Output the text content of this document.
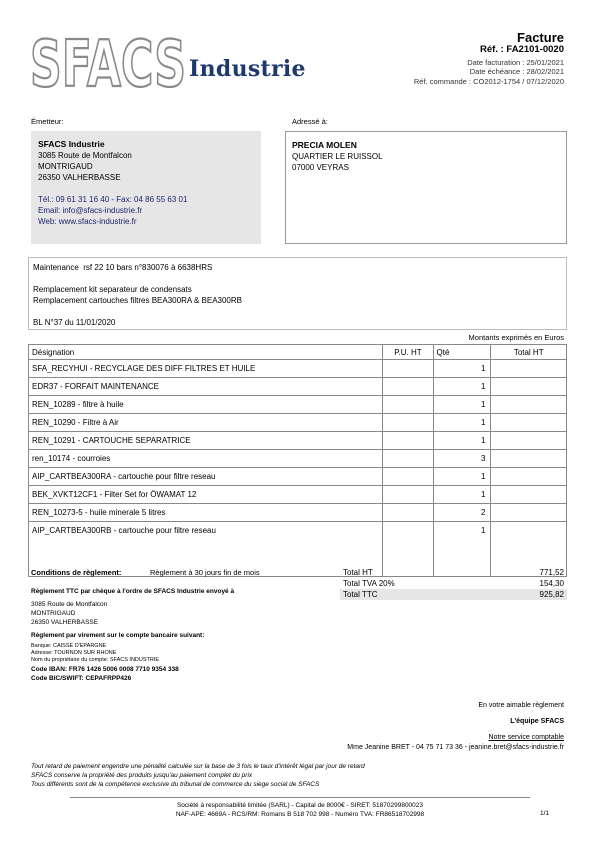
SFACS Industrie
Facture
Réf. : FA2101-0020
Date facturation : 25/01/2021
Date échéance : 28/02/2021
Réf. commande : CO2012-1754 / 07/12/2020
Émetteur:
SFACS Industrie
3085 Route de Montfalcon
MONTRIGAUD
26350 VALHERBASSE
Tél.: 09 61 31 16 40 - Fax: 04 86 55 63 01
Email: info@sfacs-industrie.fr
Web: www.sfacs-industrie.fr
Adressé à:
PRECIA MOLEN
QUARTIER LE RUISSOL
07000 VEYRAS
Maintenance  rsf 22 10 bars n°830076 à 6638HRS
Remplacement kit separateur de condensats
Remplacement cartouches filtres BEA300RA & BEA300RB
BL N°37 du 11/01/2020
Montants exprimés en Euros
Désignation	P.U. HT	Qté	Total HT
SFA_RECYHUI - RECYCLAGE DES DIFF FILTRES ET HUILE		1	
EDR37 - FORFAIT MAINTENANCE		1	
REN_10289 - filtre à huile		1	
REN_10290 - Filtre à Air		1	
REN_10291 - CARTOUCHE SEPARATRICE		1	
ren_10174 - courroies		3	
AIP_CARTBEA300RA - cartouche pour filtre reseau		1	
BEK_XVKT12CF1 - Filter Set for ÖWAMAT 12		1	
REN_10273-5 - huile minerale 5 litres		2	
AIP_CARTBEA300RB - cartouche pour filtre reseau		1	

Conditions de règlement:	Règlement à 30 jours fin de mois	Total HT	771,52
Total TVA 20%	154,30
Total TTC	925,82
Règlement TTC par chèque à l'ordre de SFACS Industrie envoyé à
3085 Route de Montfalcon
MONTRIGAUD
26350 VALHERBASSE
Règlement par virement sur le compte bancaire suivant:
Banque: CAISSE D'EPARGNE
Adresse: TOURNON SUR RHONE
Nom du propriétaire du compte: SFACS INDUSTRIE
Code IBAN: FR76 1426 5006 0008 7710 9354 338
Code BIC/SWIFT: CEPAFRPP426
En votre aimable règlement
L'équipe SFACS
Notre service comptable
Mme Jeanine BRET - 04 75 71 73 36 - jeanine.bret@sfacs-industrie.fr
Tout retard de paiement engendre une pénalité calculée sur la base de 3 fois le taux d'intérêt légal par jour de retard
SFACS conserve la propriété des produits jusqu'au paiement complet du prix
Tous différents sont de la compétence exclusive du tribunal de commerce du siège social de SFACS
Société à responsabilité limitée (SARL) - Capital de 8000€ - SIRET: 51870299800023
NAF-APE: 4669A - RCS/RM: Romans B 518 702 998 - Numéro TVA: FR86518702998	1/1
